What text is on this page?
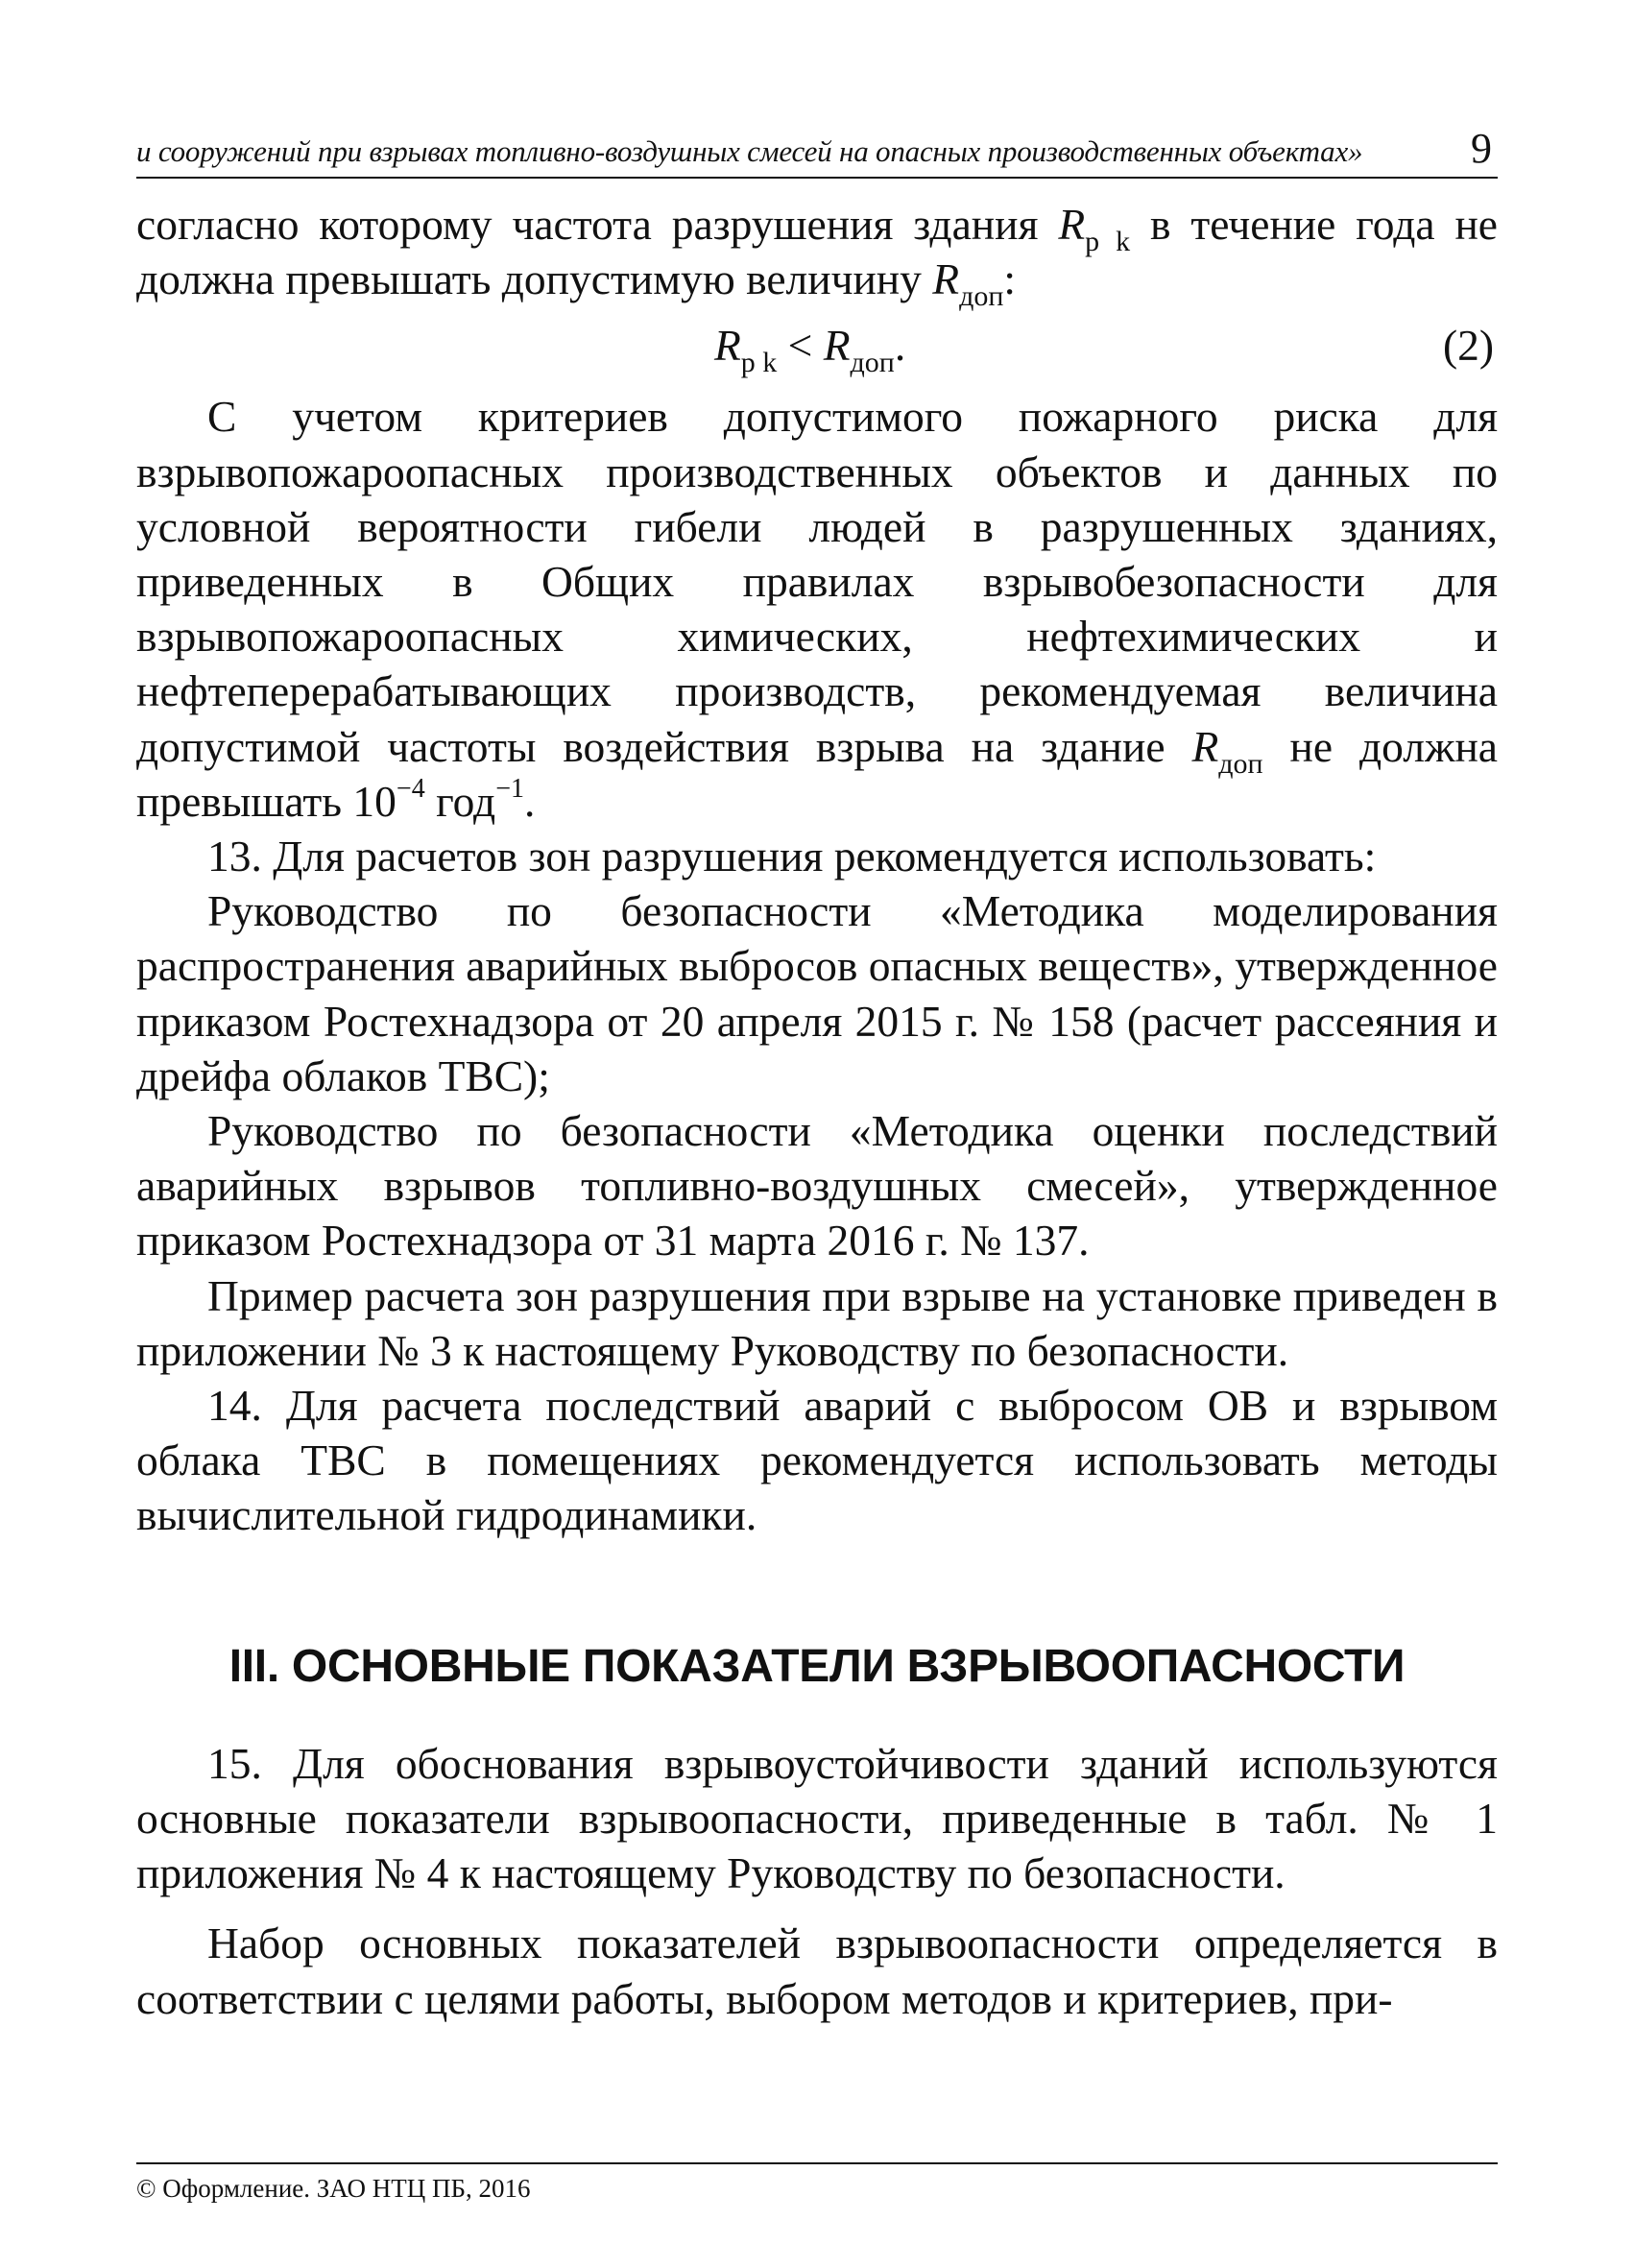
и сооружений при взрывах топливно-воздушных смесей на опасных производственных объектах»	9

согласно которому частота разрушения здания $R_{р k}$ в течение года не должна превышать допустимую величину $R_{доп}$:

$R_{р k} < R_{доп}$.	(2)

С учетом критериев допустимого пожарного риска для взрывопожароопасных производственных объектов и данных по условной вероятности гибели людей в разрушенных зданиях, приведенных в Общих правилах взрывобезопасности для взрывопожароопасных химических, нефтехимических и нефтеперерабатывающих производств, рекомендуемая величина допустимой частоты воздействия взрыва на здание $R_{доп}$ не должна превышать $10^{-4}$ год$^{-1}$.

13. Для расчетов зон разрушения рекомендуется использовать:

Руководство по безопасности «Методика моделирования распространения аварийных выбросов опасных веществ», утвержденное приказом Ростехнадзора от 20 апреля 2015 г. № 158 (расчет рассеяния и дрейфа облаков ТВС);

Руководство по безопасности «Методика оценки последствий аварийных взрывов топливно-воздушных смесей», утвержденное приказом Ростехнадзора от 31 марта 2016 г. № 137.

Пример расчета зон разрушения при взрыве на установке приведен в приложении № 3 к настоящему Руководству по безопасности.

14. Для расчета последствий аварий с выбросом ОВ и взрывом облака ТВС в помещениях рекомендуется использовать методы вычислительной гидродинамики.

III. ОСНОВНЫЕ ПОКАЗАТЕЛИ ВЗРЫВООПАСНОСТИ

15. Для обоснования взрывоустойчивости зданий используются основные показатели взрывоопасности, приведенные в табл. № 1 приложения № 4 к настоящему Руководству по безопасности.

Набор основных показателей взрывоопасности определяется в соответствии с целями работы, выбором методов и критериев, при-

© Оформление. ЗАО НТЦ ПБ, 2016
